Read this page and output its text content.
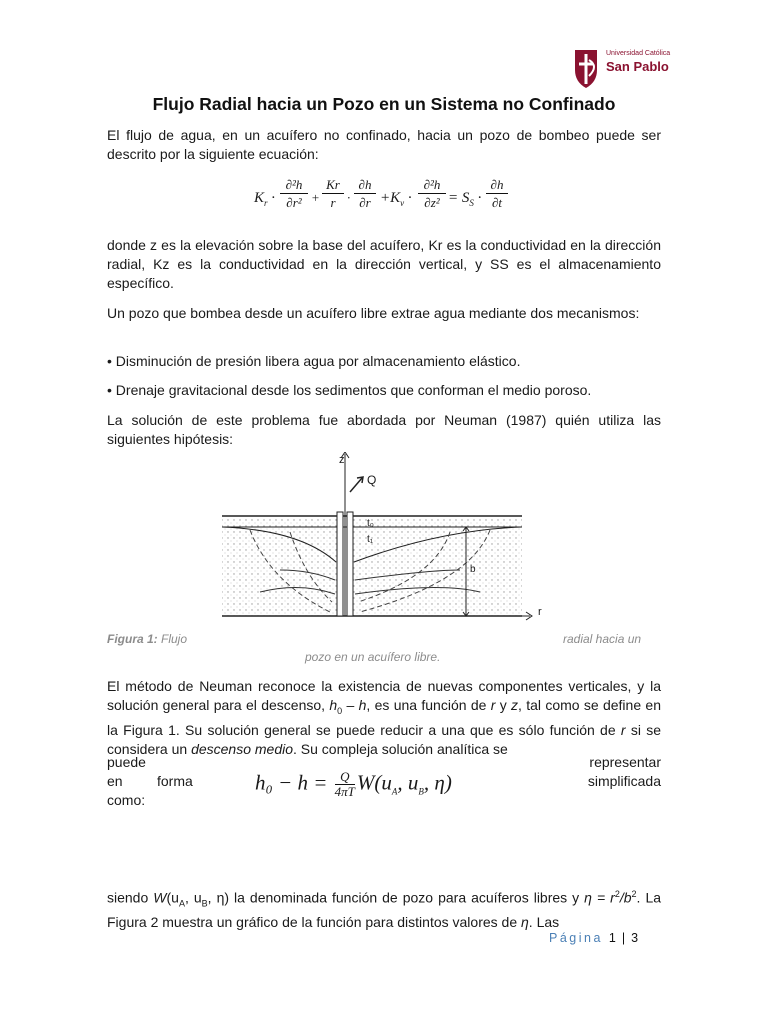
Universidad Católica
San Pablo
Flujo Radial hacia un Pozo en un Sistema no Confinado
El flujo de agua, en un acuífero no confinado, hacia un pozo de bombeo puede ser descrito por la siguiente ecuación:
$K_r \cdot \frac{\text{∂²h}}{\text{∂r²}} + \frac{Kr}{r} \cdot \frac{\partial h}{\partial r} +K_v \cdot \frac{\text{∂²h}}{\text{∂z²}} = S_S \cdot \frac{\partial h}{\partial t}$
donde z es la elevación sobre la base del acuífero, Kr es la conductividad en la dirección radial, Kz es la conductividad en la dirección vertical, y SS es el almacenamiento específico.
Un pozo que bombea desde un acuífero libre extrae agua mediante dos mecanismos:
• Disminución de presión libera agua por almacenamiento elástico.
• Drenaje gravitacional desde los sedimentos que conforman el medio poroso.
La solución de este problema fue abordada por Neuman (1987) quién utiliza las siguientes hipótesis:
z
Q
r
b
t₀
t₁
Figura 1: Flujo	radial hacia un
pozo en un acuífero libre.
El método de Neuman reconoce la existencia de nuevas componentes verticales, y la solución general para el descenso, $h_0$ – h, es una función de r y z, tal como se define en la Figura 1. Su solución general se puede reducir a una que es sólo función de r si se considera un descenso medio. Su compleja solución analítica se
puede	representar
en	forma	simplificada
como:
$h_0 - h = \frac{Q}{4\pi T} W(u_A$, $u_B$, η)
siendo $W(u_A$, $u_B$, η) la denominada función de pozo para acuíferos libres y $\eta = r^2/b^2$. La Figura 2 muestra un gráfico de la función para distintos valores de η. Las
Página 1 | 3
